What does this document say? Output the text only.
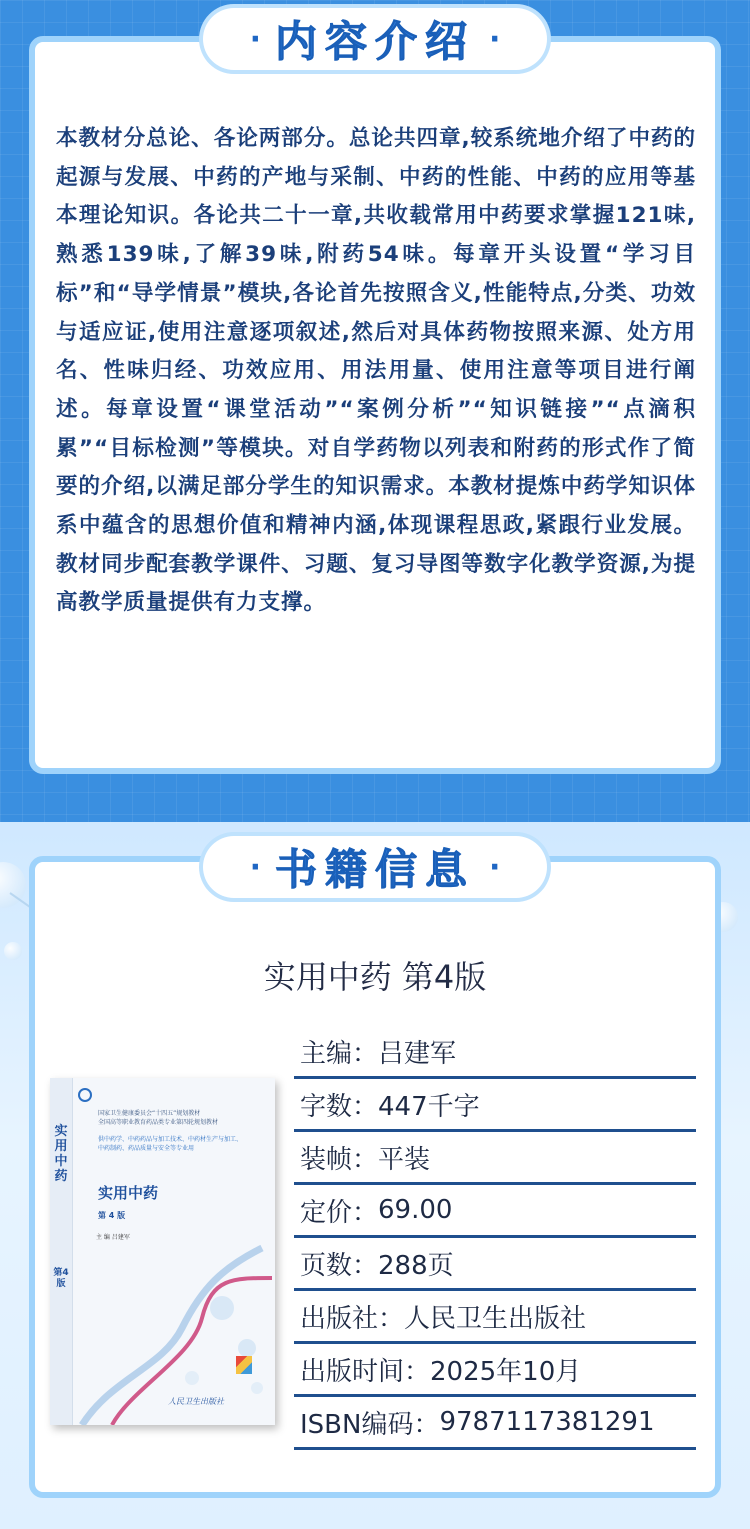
· 内容介绍 ·
本教材分总论、各论两部分。总论共四章,较系统地介绍了中药的起源与发展、中药的产地与采制、中药的性能、中药的应用等基本理论知识。各论共二十一章,共收载常用中药要求掌握121味,熟悉139味,了解39味,附药54味。每章开头设置“学习目标”和“导学情景”模块,各论首先按照含义,性能特点,分类、功效与适应证,使用注意逐项叙述,然后对具体药物按照来源、处方用名、性味归经、功效应用、用法用量、使用注意等项目进行阐述。每章设置“课堂活动”“案例分析”“知识链接”“点滴积累”“目标检测”等模块。对自学药物以列表和附药的形式作了简要的介绍,以满足部分学生的知识需求。本教材提炼中药学知识体系中蕴含的思想价值和精神内涵,体现课程思政,紧跟行业发展。教材同步配套教学课件、习题、复习导图等数字化教学资源,为提高教学质量提供有力支撑。
· 书籍信息 ·
实用中药 第4版
实用中药
第4版
国家卫生健康委员会“十四五”规划教材
全国高等职业教育药品类专业第四轮规划教材
供中药学、中药药品与加工技术、中药材生产与加工、
中药制药、药品质量与安全等专业用
实用中药
第 4 版
主 编 吕建军
人民卫生出版社
主编： 吕建军
字数： 447千字
装帧： 平装
定价： 69.00
页数： 288页
出版社： 人民卫生出版社
出版时间： 2025年10月
ISBN编码： 9787117381291
